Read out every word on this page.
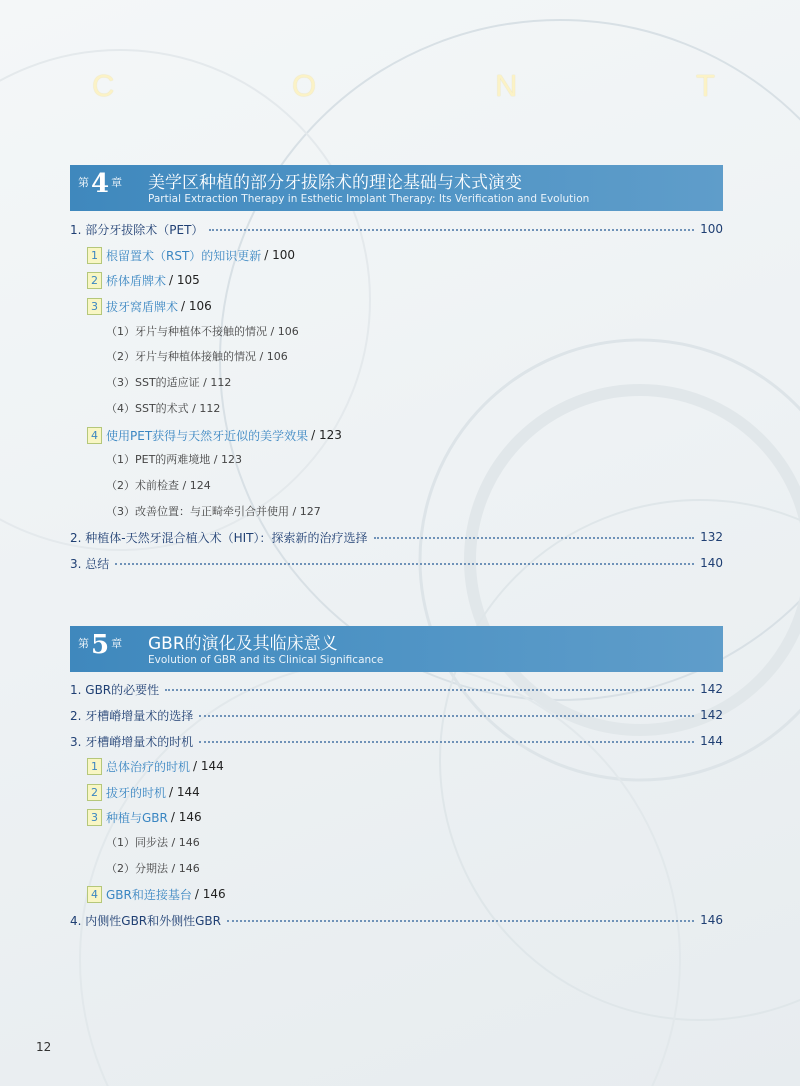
C	O	N	T
$^第$4 $^章$ 美学区种植的部分牙拔除术的理论基础与术式演变
Partial Extraction Therapy in Esthetic Implant Therapy: Its Verification and Evolution
1. 部分牙拔除术（PET）	100
1 根留置术（RST）的知识更新 / 100
2 桥体盾牌术 / 105
3 拔牙窝盾牌术 / 106
（1）牙片与种植体不接触的情况 / 106
（2）牙片与种植体接触的情况 / 106
（3）SST的适应证 / 112
（4）SST的术式 / 112
4 使用PET获得与天然牙近似的美学效果 / 123
（1）PET的两难境地 / 123
（2）术前检查 / 124
（3）改善位置：与正畸牵引合并使用 / 127
2. 种植体-天然牙混合植入术（HIT）：探索新的治疗选择	132
3. 总结	140
$^第$5 $^章$ GBR的演化及其临床意义
Evolution of GBR and its Clinical Significance
1. GBR的必要性	142
2. 牙槽嵴增量术的选择	142
3. 牙槽嵴增量术的时机	144
1 总体治疗的时机 / 144
2 拔牙的时机 / 144
3 种植与GBR / 146
（1）同步法 / 146
（2）分期法 / 146
4 GBR和连接基台 / 146
4. 内侧性GBR和外侧性GBR	146
12
